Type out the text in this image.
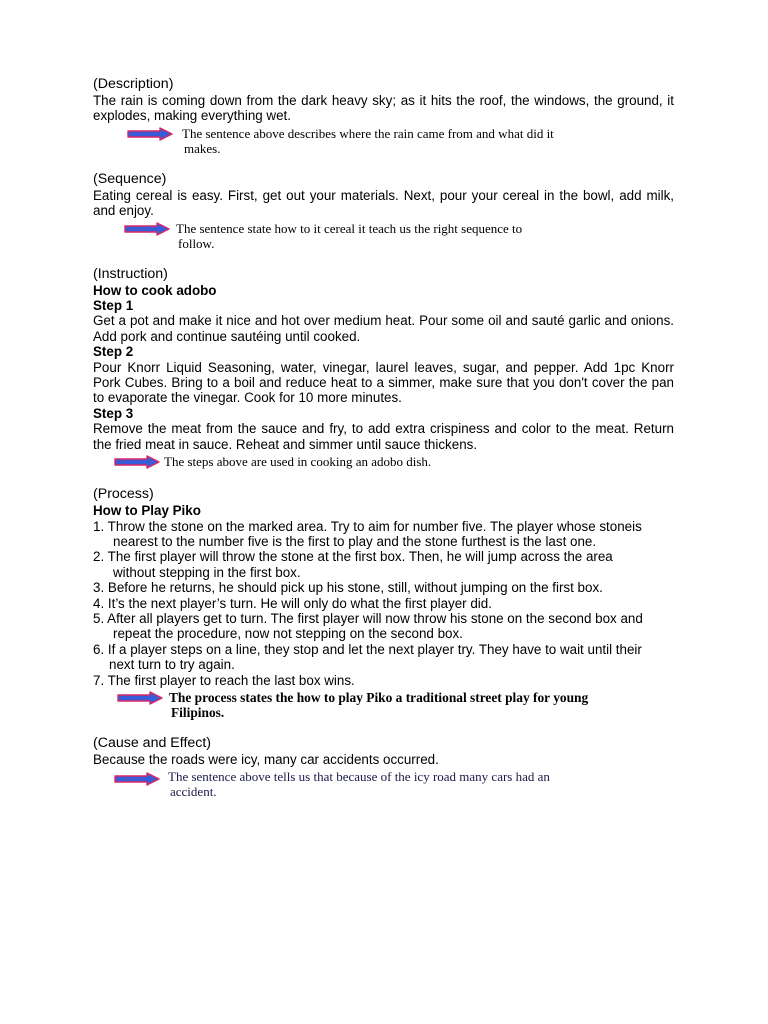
(Description)

The rain is coming down from the dark heavy sky; as it hits the roof, the windows, the ground, it explodes, making everything wet.

The sentence above describes where the rain came from and what did it
makes.

(Sequence)

Eating cereal is easy. First, get out your materials. Next, pour your cereal in the bowl, add milk, and enjoy.

The sentence state how to it cereal it teach us the right sequence to
follow.

(Instruction)

How to cook adobo

Step 1

Get a pot and make it nice and hot over medium heat. Pour some oil and sauté garlic and onions. Add pork and continue sautéing until cooked.

Step 2

Pour Knorr Liquid Seasoning, water, vinegar, laurel leaves, sugar, and pepper. Add 1pc Knorr Pork Cubes. Bring to a boil and reduce heat to a simmer, make sure that you don't cover the pan to evaporate the vinegar. Cook for 10 more minutes.

Step 3

Remove the meat from the sauce and fry, to add extra crispiness and color to the meat. Return the fried meat in sauce. Reheat and simmer until sauce thickens.

The steps above are used in cooking an adobo dish.

(Process)

How to Play Piko

1. Throw the stone on the marked area. Try to aim for number five. The player whose stoneis
nearest to the number five is the first to play and the stone furthest is the last one.
2. The first player will throw the stone at the first box. Then, he will jump across the area
without stepping in the first box.
3. Before he returns, he should pick up his stone, still, without jumping on the first box.
4. It’s the next player’s turn. He will only do what the first player did.
5. After all players get to turn. The first player will now throw his stone on the second box and
repeat the procedure, now not stepping on the second box.
6. If a player steps on a line, they stop and let the next player try. They have to wait until their
next turn to try again.
7. The first player to reach the last box wins.
The process states the how to play Piko a traditional street play for young
Filipinos.

(Cause and Effect)

Because the roads were icy, many car accidents occurred.

The sentence above tells us that because of the icy road many cars had an
accident.
